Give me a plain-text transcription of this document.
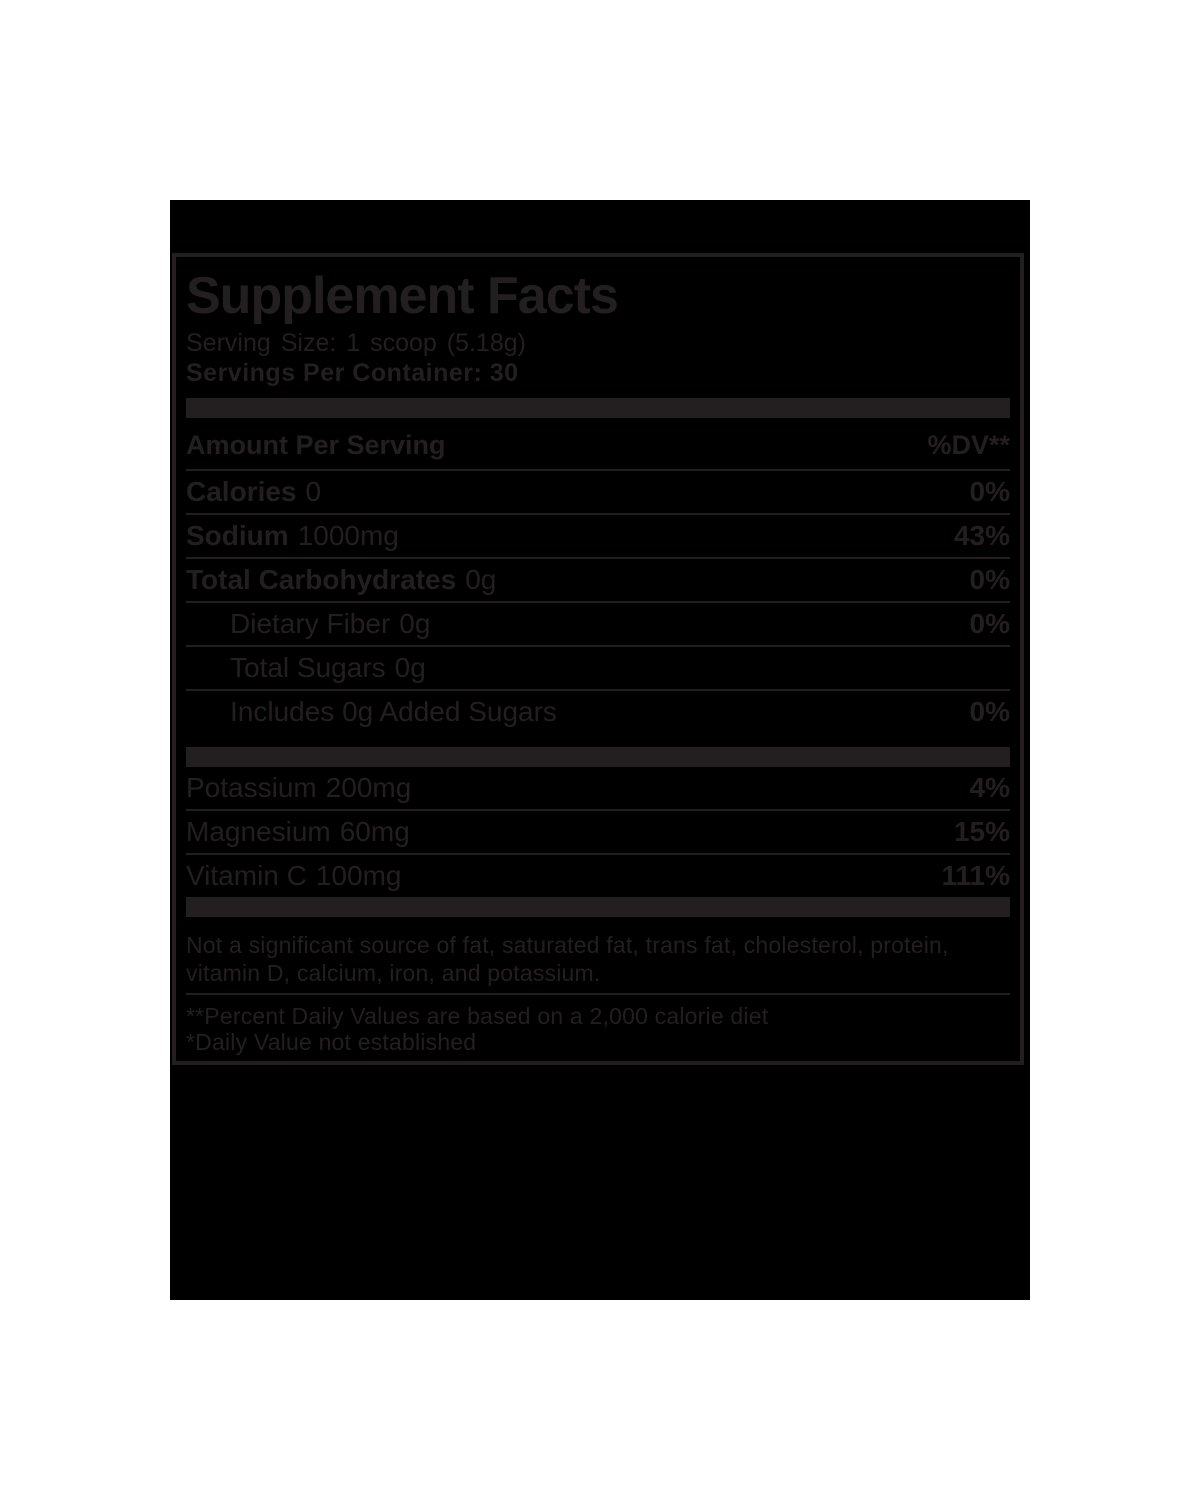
Supplement Facts
Serving Size: 1 scoop (5.18g)
Servings Per Container: 30
Amount Per Serving	%DV**
Calories 0	0%
Sodium 1000mg	43%
Total Carbohydrates 0g	0%
Dietary Fiber 0g	0%
Total Sugars 0g
Includes 0g Added Sugars	0%
Potassium 200mg	4%
Magnesium 60mg	15%
Vitamin C 100mg	111%
Not a significant source of fat, saturated fat, trans fat, cholesterol, protein,
vitamin D, calcium, iron, and potassium.
**Percent Daily Values are based on a 2,000 calorie diet
*Daily Value not established
